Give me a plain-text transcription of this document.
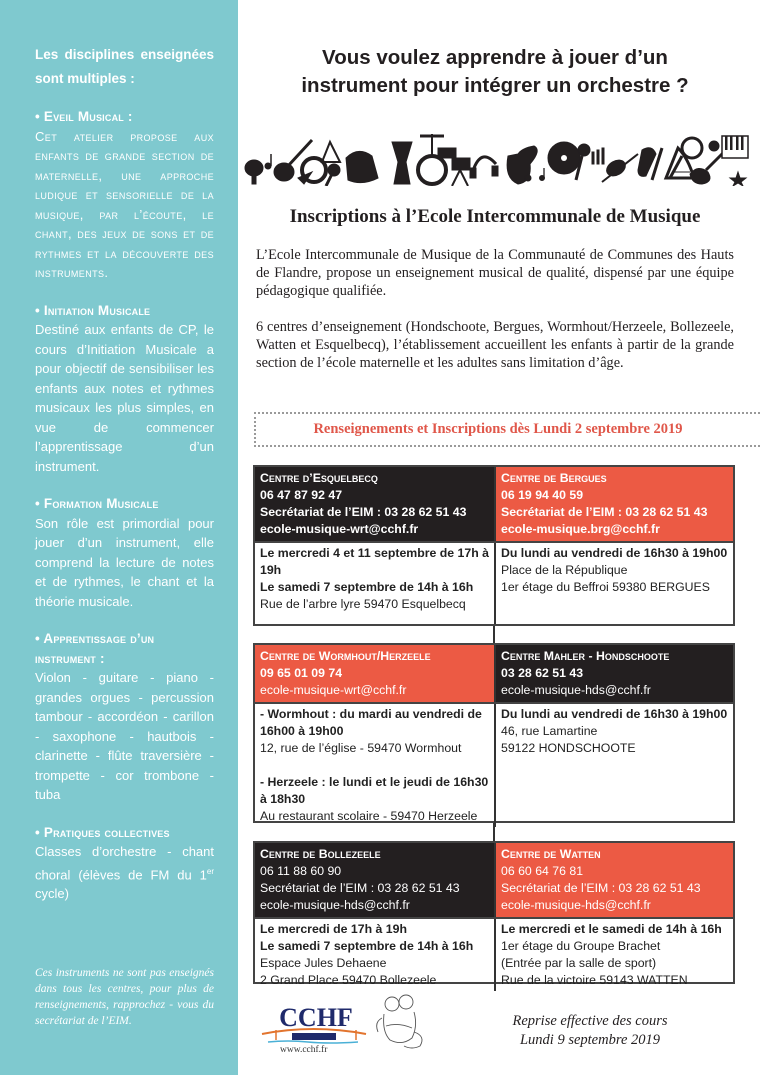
Les disciplines enseignées sont multiples :
• Eveil Musical :
Cet atelier propose aux enfants de grande section de maternelle, une approche ludique et sensorielle de la musique, par l’écoute, le chant, des jeux de sons et de rythmes et la découverte des instruments.
• Initiation Musicale
Destiné aux enfants de CP, le cours d’Initiation Musicale a pour objectif de sensibiliser les enfants aux notes et rythmes musicaux les plus simples, en vue de commencer l’apprentissage d’un instrument.
• Formation Musicale
Son rôle est primordial pour jouer d’un instrument, elle comprend la lecture de notes et de rythmes, le chant et la théorie musicale.
• Apprentissage d’un instrument :
Violon - guitare - piano - grandes orgues - percussion tambour - accordéon - carillon - saxophone - hautbois - clarinette - flûte traversière - trompette - cor trombone - tuba
• Pratiques collectives
Classes d’orchestre - chant choral (élèves de FM du 1er cycle)
Ces instruments ne sont pas enseignés dans tous les centres, pour plus de renseignements, rapprochez - vous du secrétariat de l’EIM.
Vous voulez apprendre à jouer d’un
instrument pour intégrer un orchestre ?
Inscriptions à l’Ecole Intercommunale de Musique

L’Ecole Intercommunale de Musique de la Communauté de Communes des Hauts de Flandre, propose un enseignement musical de qualité, dispensé par une équipe pédagogique qualifiée.

6 centres d’enseignement (Hondschoote, Bergues, Wormhout/Herzeele, Bollezeele, Watten et Esquelbecq), l’établissement accueillent les enfants à partir de la grande section de l’école maternelle et les adultes sans limitation d’âge.

Renseignements et Inscriptions dès Lundi 2 septembre 2019
Centre d’Esquelbecq
06 47 87 92 47
Secrétariat de l’EIM : 03 28 62 51 43
ecole-musique-wrt@cchf.fr
Centre de Bergues
06 19 94 40 59
Secrétariat de l’EIM : 03 28 62 51 43
ecole-musique.brg@cchf.fr
Le mercredi 4 et 11 septembre de 17h à 19h
Le samedi 7 septembre de 14h à 16h
Rue de l’arbre lyre 59470 Esquelbecq
Du lundi au vendredi de 16h30 à 19h00
Place de la République
1er étage du Beffroi 59380 BERGUES
Centre de Wormhout/Herzeele
09 65 01 09 74
ecole-musique-wrt@cchf.fr
Centre Mahler - Hondschoote
03 28 62 51 43
ecole-musique-hds@cchf.fr
- Wormhout : du mardi au vendredi de 16h00 à 19h00
12, rue de l’église - 59470 Wormhout
- Herzeele : le lundi et le jeudi de 16h30 à 18h30
Au restaurant scolaire - 59470 Herzeele
Du lundi au vendredi de 16h30 à 19h00
46, rue Lamartine
59122 HONDSCHOOTE
Centre de Bollezeele
06 11 88 60 90
Secrétariat de l’EIM : 03 28 62 51 43
ecole-musique-hds@cchf.fr
Centre de Watten
06 60 64 76 81
Secrétariat de l’EIM : 03 28 62 51 43
ecole-musique-hds@cchf.fr
Le mercredi de 17h à 19h
Le samedi 7 septembre de 14h à 16h
Espace Jules Dehaene
2 Grand Place 59470 Bollezeele
Le mercredi et le samedi de 14h à 16h
1er étage du Groupe Brachet
(Entrée par la salle de sport)
Rue de la victoire 59143 WATTEN
CCHF
www.cchf.fr
Reprise effective des cours
Lundi 9 septembre 2019
